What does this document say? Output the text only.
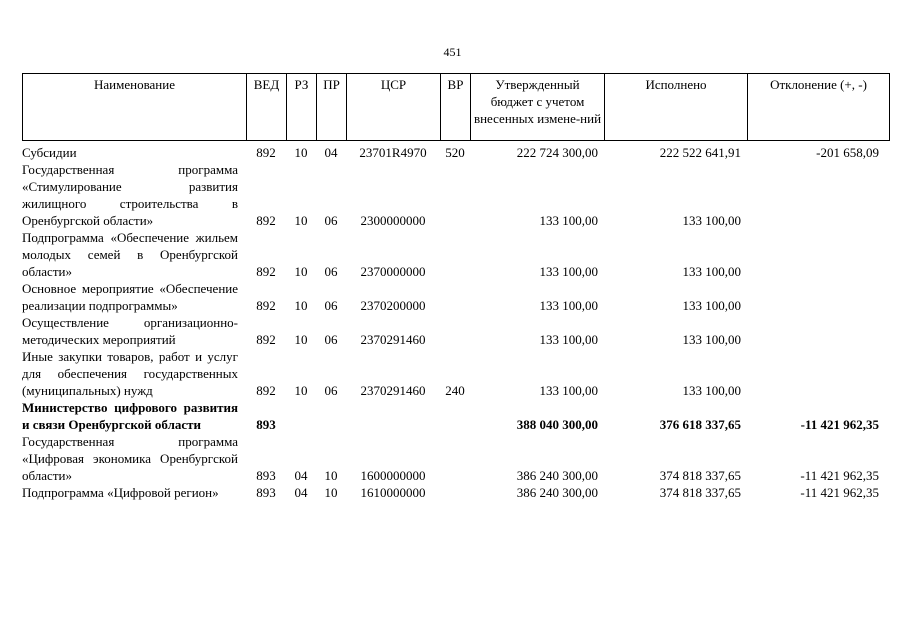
451
Наименование	ВЕД	РЗ	ПР	ЦСР	ВР	Утвержденный бюджет с учетом внесенных измене-ний	Исполнено	Отклонение (+, -)
Субсидии	892	10	04	23701R4970	520	222 724 300,00	222 522 641,91	-201 658,09
Государственная программа «Стимулирование развития жилищного строительства в Оренбургской области»	892	10	06	2300000000		133 100,00	133 100,00	
Подпрограмма «Обеспечение жильем молодых семей в Оренбургской области»	892	10	06	2370000000		133 100,00	133 100,00	
Основное мероприятие «Обеспечение реализации подпрограммы»	892	10	06	2370200000		133 100,00	133 100,00	
Осуществление организационно-методических мероприятий	892	10	06	2370291460		133 100,00	133 100,00	
Иные закупки товаров, работ и услуг для обеспечения государственных (муниципальных) нужд	892	10	06	2370291460	240	133 100,00	133 100,00	
Министерство цифрового развития и связи Оренбургской области	893					388 040 300,00	376 618 337,65	-11 421 962,35
Государственная программа «Цифровая экономика Оренбургской области»	893	04	10	1600000000		386 240 300,00	374 818 337,65	-11 421 962,35
Подпрограмма «Цифровой регион»	893	04	10	1610000000		386 240 300,00	374 818 337,65	-11 421 962,35
